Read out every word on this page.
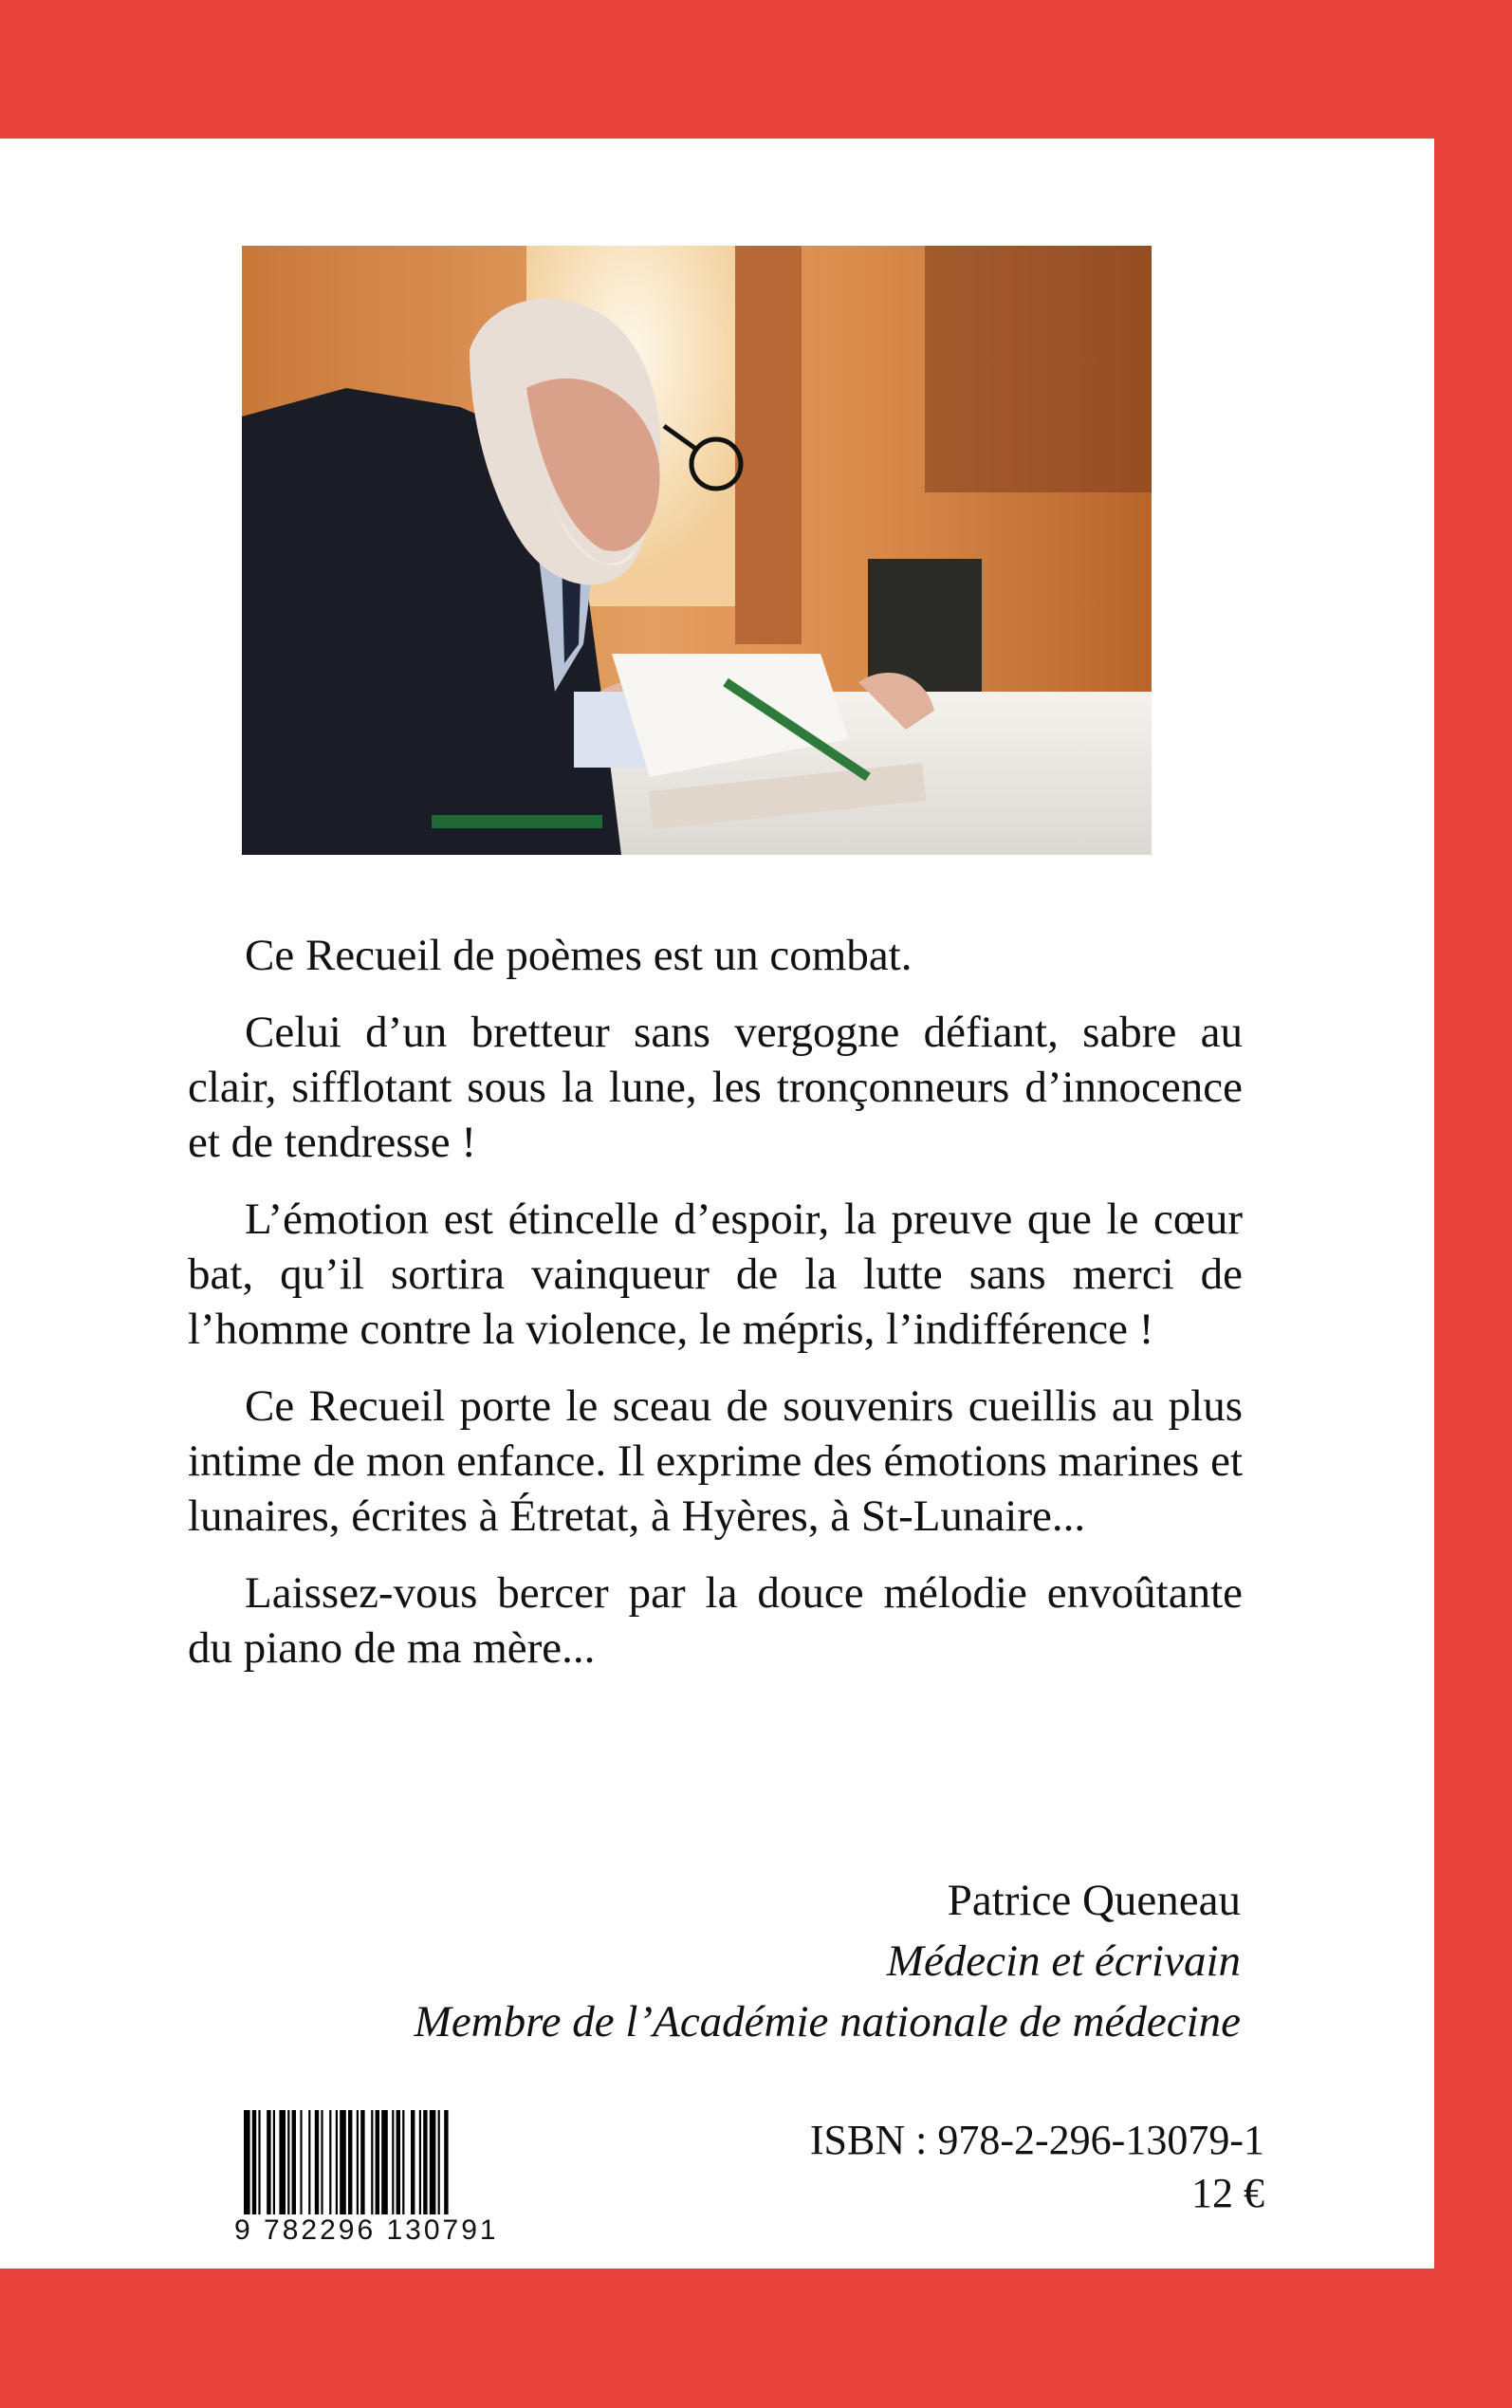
Ce Recueil de poèmes est un combat.

Celui d’un bretteur sans vergogne défiant, sabre au clair, sifflotant sous la lune, les tronçonneurs d’innocence et de tendresse !

L’émotion est étincelle d’espoir, la preuve que le cœur bat, qu’il sortira vainqueur de la lutte sans merci de l’homme contre la violence, le mépris, l’indifférence !

Ce Recueil porte le sceau de souvenirs cueillis au plus intime de mon enfance. Il exprime des émotions marines et lunaires, écrites à Étretat, à Hyères, à St-Lunaire...

Laissez-vous bercer par la douce mélodie envoûtante du piano de ma mère...

Patrice Queneau
Médecin et écrivain
Membre de l’Académie nationale de médecine
9 782296 130791
ISBN : 978-2-296-13079-1
12 €
